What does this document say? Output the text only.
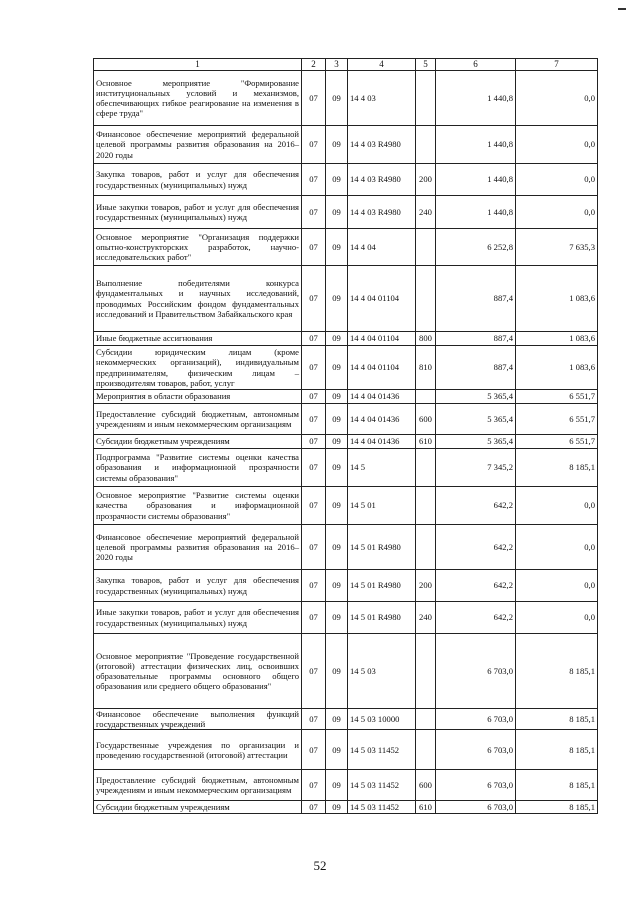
1	2	3	4	5	6	7
Основное мероприятие "Формирование институциональных условий и механизмов, обеспечивающих гибкое реагирование на изменения в сфере труда"	07	09	14 4 03		1 440,8	0,0
Финансовое обеспечение мероприятий федеральной целевой программы развития образования на 2016–2020 годы	07	09	14 4 03 R4980		1 440,8	0,0
Закупка товаров, работ и услуг для обеспечения государственных (муниципальных) нужд	07	09	14 4 03 R4980	200	1 440,8	0,0
Иные закупки товаров, работ и услуг для обеспечения государственных (муниципальных) нужд	07	09	14 4 03 R4980	240	1 440,8	0,0
Основное мероприятие "Организация поддержки опытно-конструкторских разработок, научно-исследовательских работ"	07	09	14 4 04		6 252,8	7 635,3
Выполнение победителями конкурса фундаментальных и научных исследований, проводимых Российским фондом фундаментальных исследований и Правительством Забайкальского края	07	09	14 4 04 01104		887,4	1 083,6
Иные бюджетные ассигнования	07	09	14 4 04 01104	800	887,4	1 083,6
Субсидии юридическим лицам (кроме некоммерческих организаций), индивидуальным предпринимателям, физическим лицам – производителям товаров, работ, услуг	07	09	14 4 04 01104	810	887,4	1 083,6
Мероприятия в области образования	07	09	14 4 04 01436		5 365,4	6 551,7
Предоставление субсидий бюджетным, автономным учреждениям и иным некоммерческим организациям	07	09	14 4 04 01436	600	5 365,4	6 551,7
Субсидии бюджетным учреждениям	07	09	14 4 04 01436	610	5 365,4	6 551,7
Подпрограмма "Развитие системы оценки качества образования и информационной прозрачности системы образования"	07	09	14 5		7 345,2	8 185,1
Основное мероприятие "Развитие системы оценки качества образования и информационной прозрачности системы образования"	07	09	14 5 01		642,2	0,0
Финансовое обеспечение мероприятий федеральной целевой программы развития образования на 2016–2020 годы	07	09	14 5 01 R4980		642,2	0,0
Закупка товаров, работ и услуг для обеспечения государственных (муниципальных) нужд	07	09	14 5 01 R4980	200	642,2	0,0
Иные закупки товаров, работ и услуг для обеспечения государственных (муниципальных) нужд	07	09	14 5 01 R4980	240	642,2	0,0
Основное мероприятие "Проведение государственной (итоговой) аттестации физических лиц, освоивших образовательные программы основного общего образования или среднего общего образования"	07	09	14 5 03		6 703,0	8 185,1
Финансовое обеспечение выполнения функций государственных учреждений	07	09	14 5 03 10000		6 703,0	8 185,1
Государственные учреждения по организации и проведению государственной (итоговой) аттестации	07	09	14 5 03 11452		6 703,0	8 185,1
Предоставление субсидий бюджетным, автономным учреждениям и иным некоммерческим организациям	07	09	14 5 03 11452	600	6 703,0	8 185,1
Субсидии бюджетным учреждениям	07	09	14 5 03 11452	610	6 703,0	8 185,1
52
